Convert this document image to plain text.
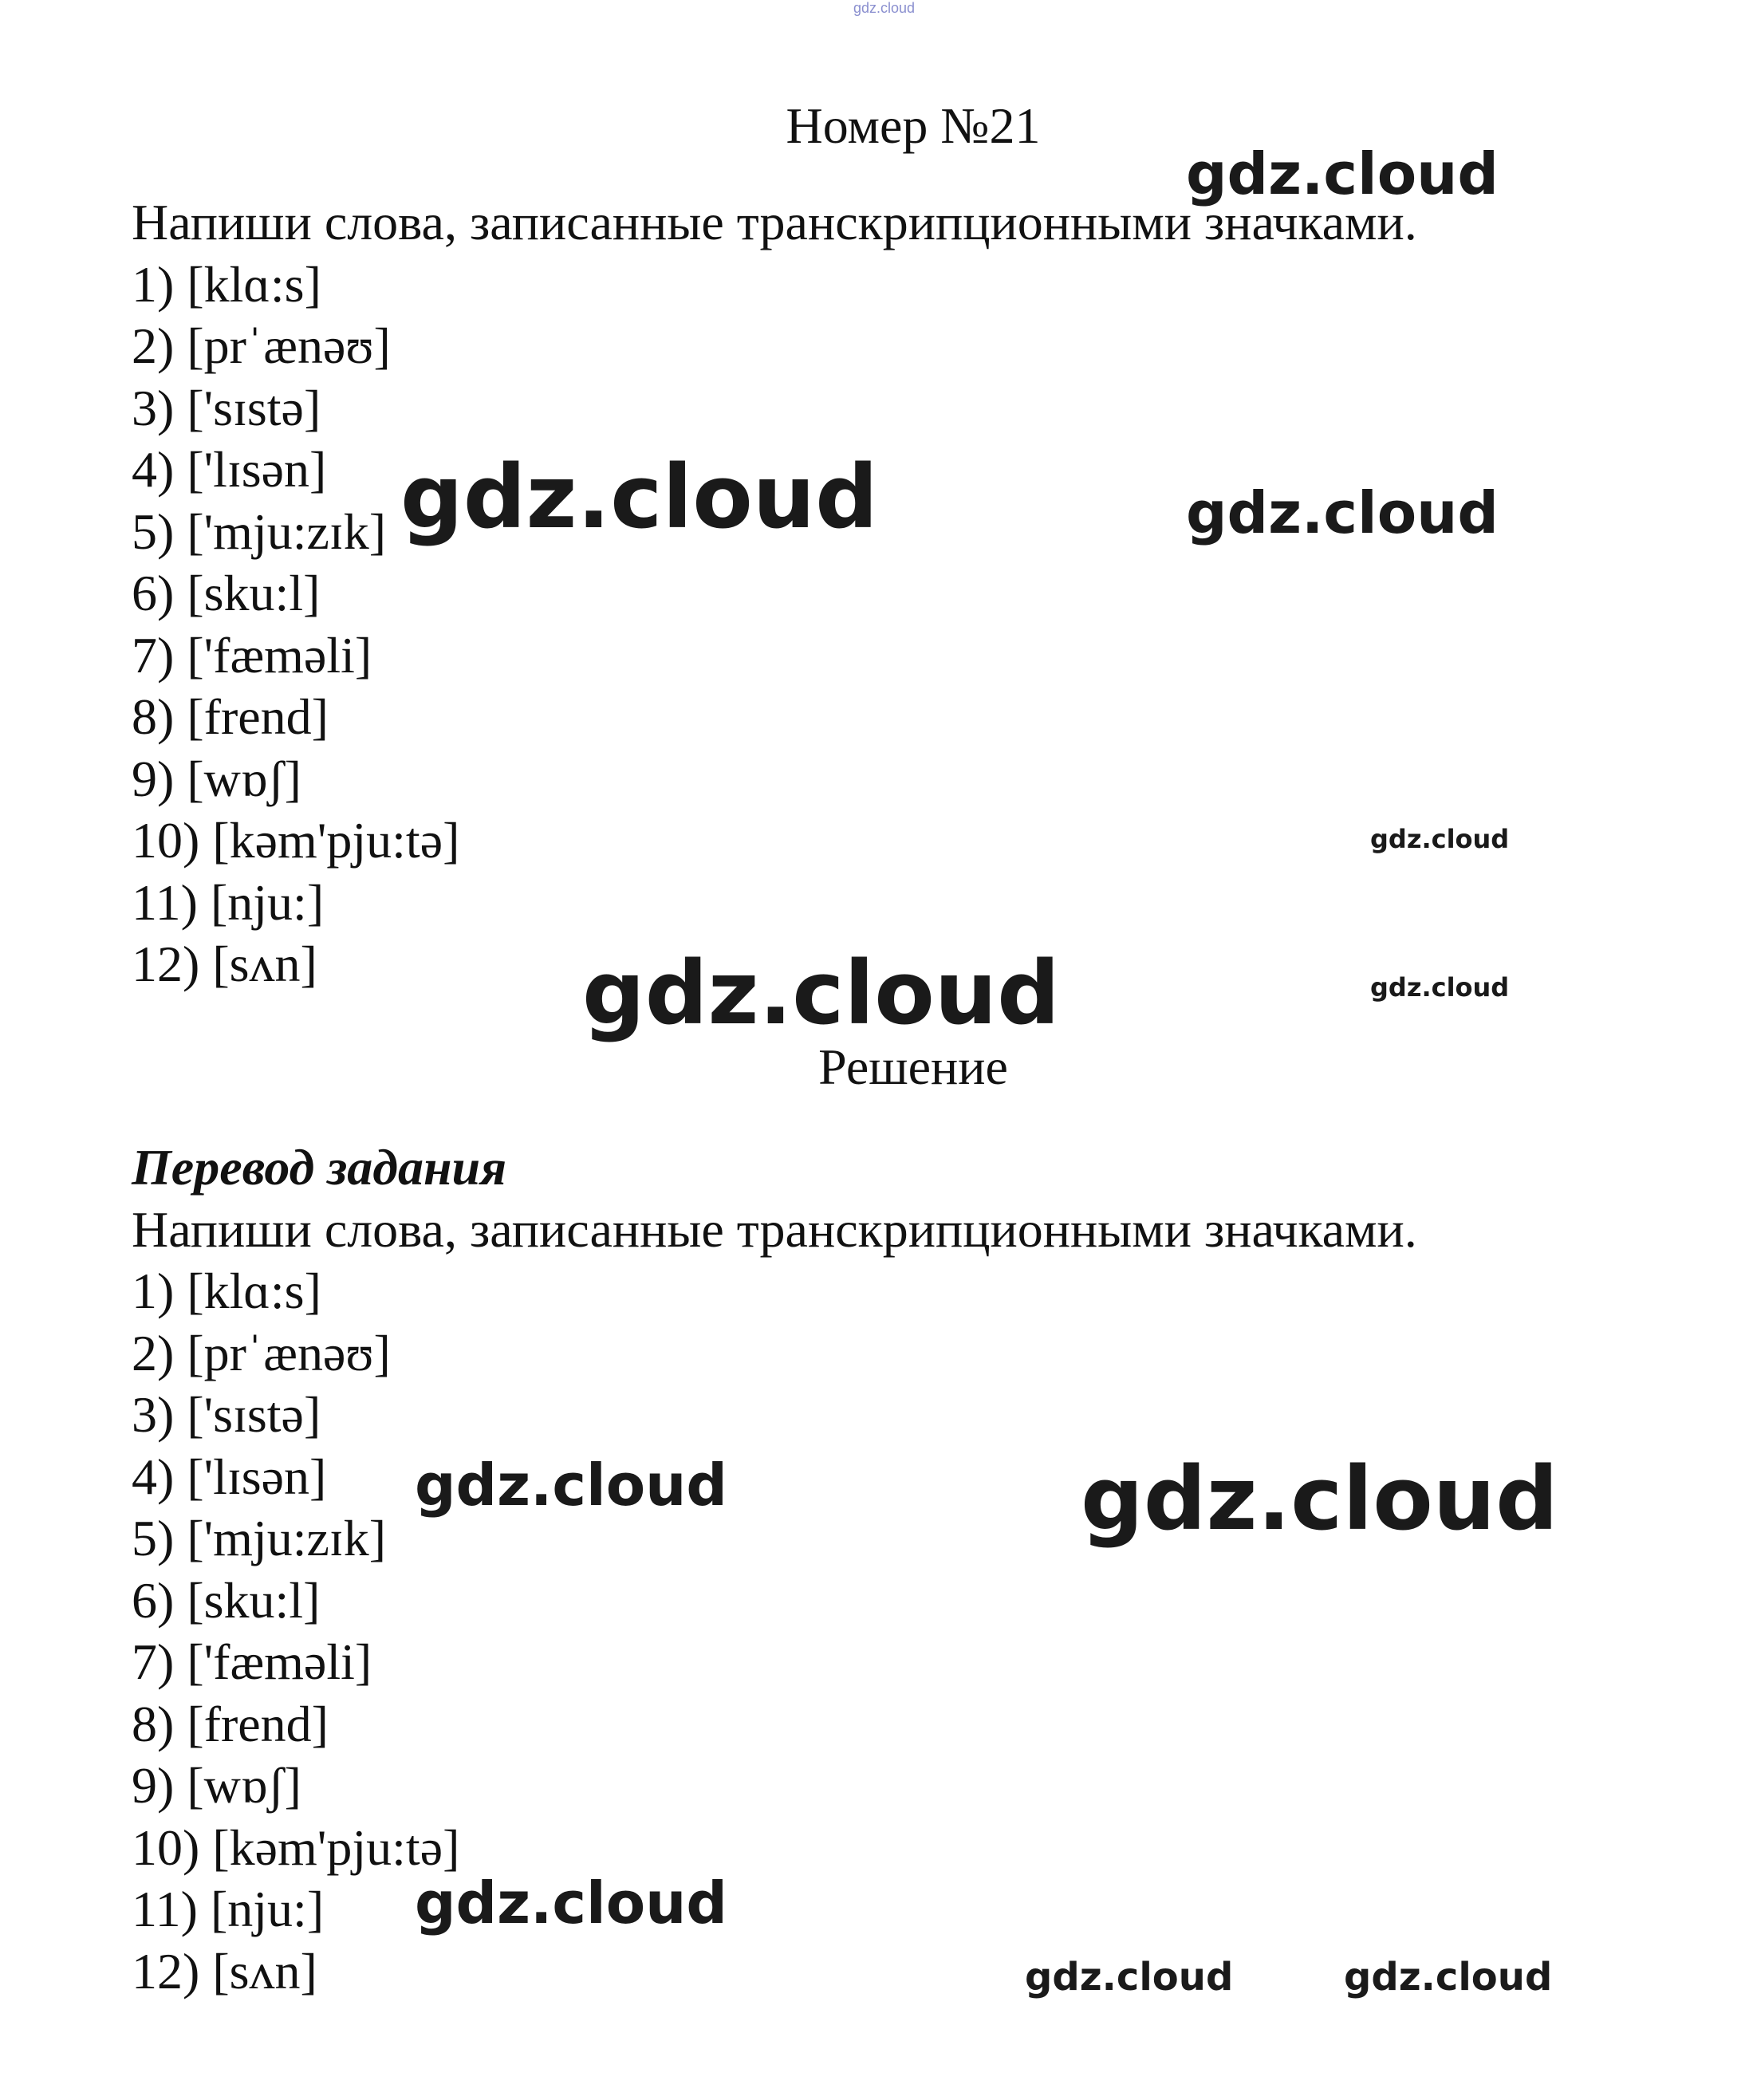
gdz.cloud
Номер №21
Напиши слова, записанные транскрипционными значками.
1) [klɑ:s]
2) [prˈænəʊ]
3) ['sɪstə]
4) ['lɪsən]
5) ['mju:zɪk]
6) [sku:l]
7) ['fæməli]
8) [frend]
9) [wɒʃ]
10) [kəm'pju:tə]
11) [nju:]
12) [sʌn]
Решение
Перевод задания
Напиши слова, записанные транскрипционными значками.
1) [klɑ:s]
2) [prˈænəʊ]
3) ['sɪstə]
4) ['lɪsən]
5) ['mju:zɪk]
6) [sku:l]
7) ['fæməli]
8) [frend]
9) [wɒʃ]
10) [kəm'pju:tə]
11) [nju:]
12) [sʌn]
gdz.cloud
gdz.cloud	gdz.cloud
gdz.cloud
gdz.cloud
gdz.cloud
gdz.cloud	gdz.cloud
gdz.cloud
gdz.cloud	gdz.cloud
